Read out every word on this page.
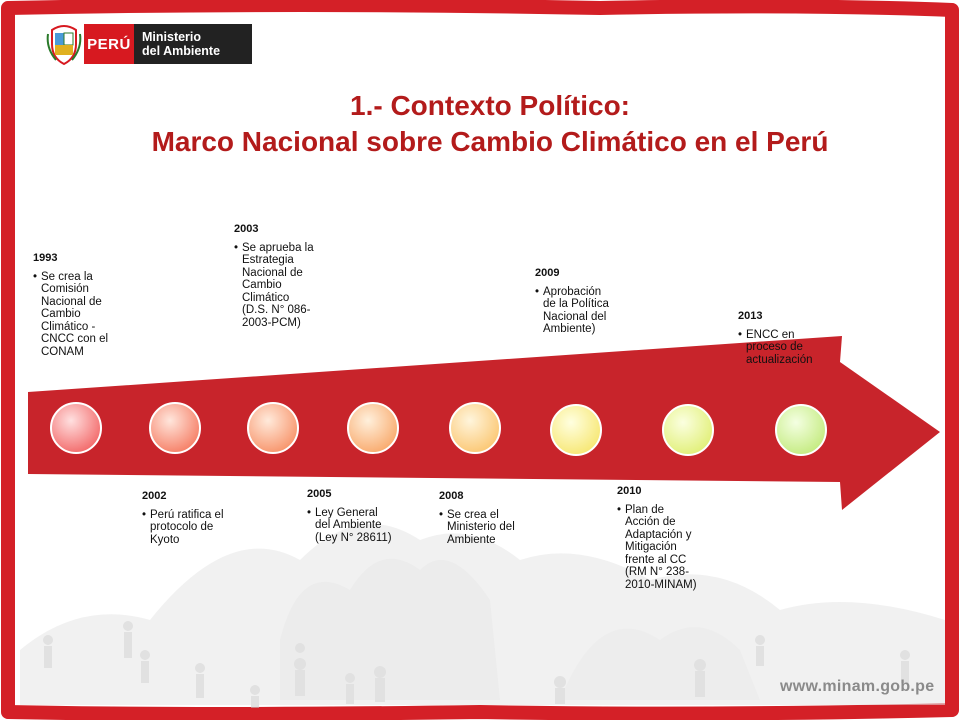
PERÚ Ministerio
del Ambiente
1.- Contexto Político:
Marco Nacional sobre Cambio Climático en el Perú
1993
• Se crea la Comisión Nacional de Cambio Climático - CNCC con el CONAM
2003
• Se aprueba la Estrategia Nacional de Cambio Climático (D.S. N° 086-2003-PCM)
2009
• Aprobación de la Política Nacional del Ambiente)
2013
• ENCC en proceso de actualización
2002
• Perú ratifica el protocolo de Kyoto
2005
• Ley General del Ambiente (Ley N° 28611)
2008
• Se crea el Ministerio del Ambiente
2010
• Plan de Acción de Adaptación y Mitigación frente al CC (RM N° 238-2010-MINAM)
www.minam.gob.pe
